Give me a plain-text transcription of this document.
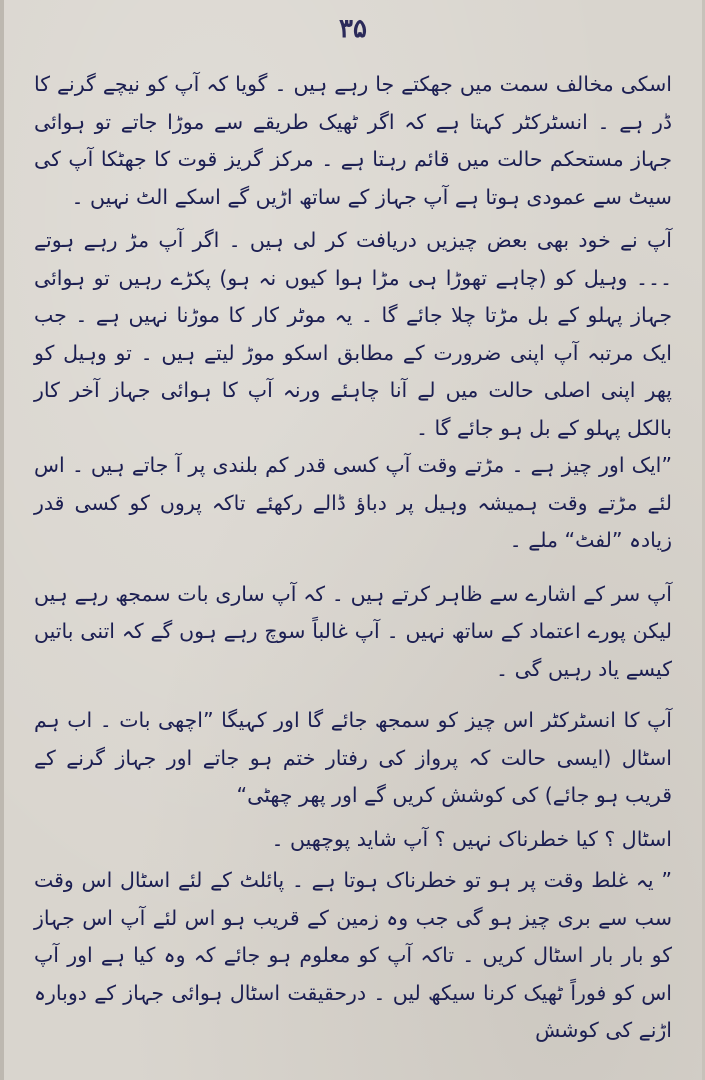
۳۵

اسکی مخالف سمت میں جھکتے جا رہے ہیں ۔ گویا کہ آپ کو نیچے گرنے کا ڈر ہے ۔ انسٹرکٹر کہتا ہے کہ اگر ٹھیک طریقے سے موڑا جاتے تو ہوائی جہاز مستحکم حالت میں قائم رہتا ہے ۔ مرکز گریز قوت کا جھٹکا آپ کی سیٹ سے عمودی ہوتا ہے آپ جہاز کے ساتھ اڑیں گے اسکے الٹ نہیں ۔

آپ نے خود بھی بعض چیزیں دریافت کر لی ہیں ۔ اگر آپ مڑ رہے ہوتے ۔۔۔ وہیل کو (چاہے تھوڑا ہی مڑا ہوا کیوں نہ ہو) پکڑے رہیں تو ہوائی جہاز پہلو کے بل مڑتا چلا جائے گا ۔ یہ موٹر کار کا موڑنا نہیں ہے ۔ جب ایک مرتبہ آپ اپنی ضرورت کے مطابق اسکو موڑ لیتے ہیں ۔ تو وہیل کو پھر اپنی اصلی حالت میں لے آنا چاہئے ورنہ آپ کا ہوائی جہاز آخر کار بالکل پہلو کے بل ہو جائے گا ۔

”ایک اور چیز ہے ۔ مڑتے وقت آپ کسی قدر کم بلندی پر آ جاتے ہیں ۔ اس لئے مڑتے وقت ہمیشہ وہیل پر دباؤ ڈالے رکھئے تاکہ پروں کو کسی قدر زیادہ ”لفٹ“ ملے ۔

آپ سر کے اشارے سے ظاہر کرتے ہیں ۔ کہ آپ ساری بات سمجھ رہے ہیں لیکن پورے اعتماد کے ساتھ نہیں ۔ آپ غالباً سوچ رہے ہوں گے کہ اتنی باتیں کیسے یاد رہیں گی ۔

آپ کا انسٹرکٹر اس چیز کو سمجھ جائے گا اور کہیگا ”اچھی بات ۔ اب ہم اسٹال (ایسی حالت کہ پرواز کی رفتار ختم ہو جاتے اور جہاز گرنے کے قریب ہو جائے) کی کوشش کریں گے اور پھر چھٹی“

اسٹال ؟ کیا خطرناک نہیں ؟ آپ شاید پوچھیں ۔

” یہ غلط وقت پر ہو تو خطرناک ہوتا ہے ۔ پائلٹ کے لئے اسٹال اس وقت سب سے بری چیز ہو گی جب وہ زمین کے قریب ہو اس لئے آپ اس جہاز کو بار بار اسٹال کریں ۔ تاکہ آپ کو معلوم ہو جائے کہ وہ کیا ہے اور آپ اس کو فوراً ٹھیک کرنا سیکھ لیں ۔ درحقیقت اسٹال ہوائی جہاز کے دوبارہ اڑنے کی کوشش
